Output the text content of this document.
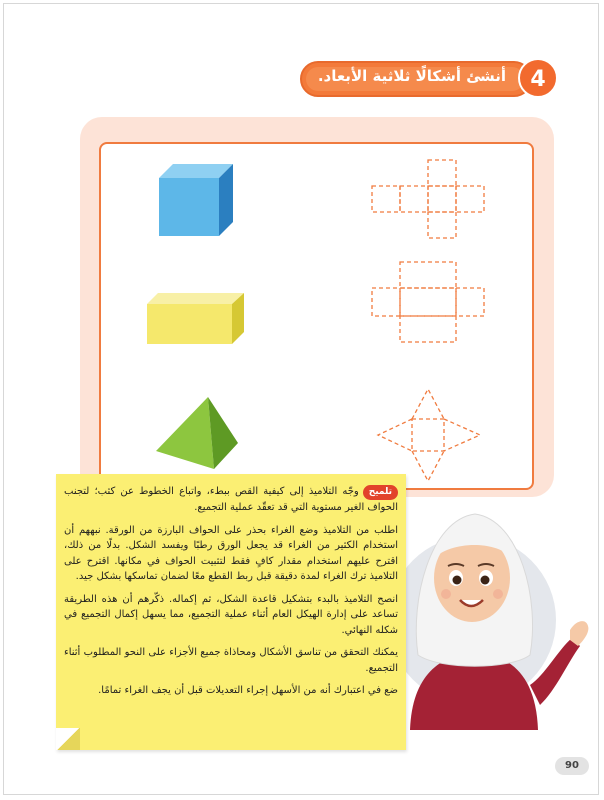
أنشئ أشكالًا ثلاثية الأبعاد.	4

تلميحوجّه التلاميذ إلى كيفية القص ببطء، واتباع الخطوط عن كثب؛ لتجنب الحواف الغير مستوية التي قد تعقّد عملية التجميع.

اطلب من التلاميذ وضع الغراء بحذر على الحواف البارزة من الورقة. نبههم أن استخدام الكثير من الغراء قد يجعل الورق رطبًا ويفسد الشكل. بدلًا من ذلك، اقترح عليهم استخدام مقدار كافٍ فقط لتثبيت الحواف في مكانها. اقترح على التلاميذ ترك الغراء لمدة دقيقة قبل ربط القطع معًا لضمان تماسكها بشكل جيد.

انصح التلاميذ بالبدء بتشكيل قاعدة الشكل، ثم إكماله. ذكّرهم أن هذه الطريقة تساعد على إدارة الهيكل العام أثناء عملية التجميع، مما يسهل إكمال التجميع في شكله النهائي.

يمكنك التحقق من تناسق الأشكال ومحاذاة جميع الأجزاء على النحو المطلوب أثناء التجميع.

ضع في اعتبارك أنه من الأسهل إجراء التعديلات قبل أن يجف الغراء تمامًا.

90
